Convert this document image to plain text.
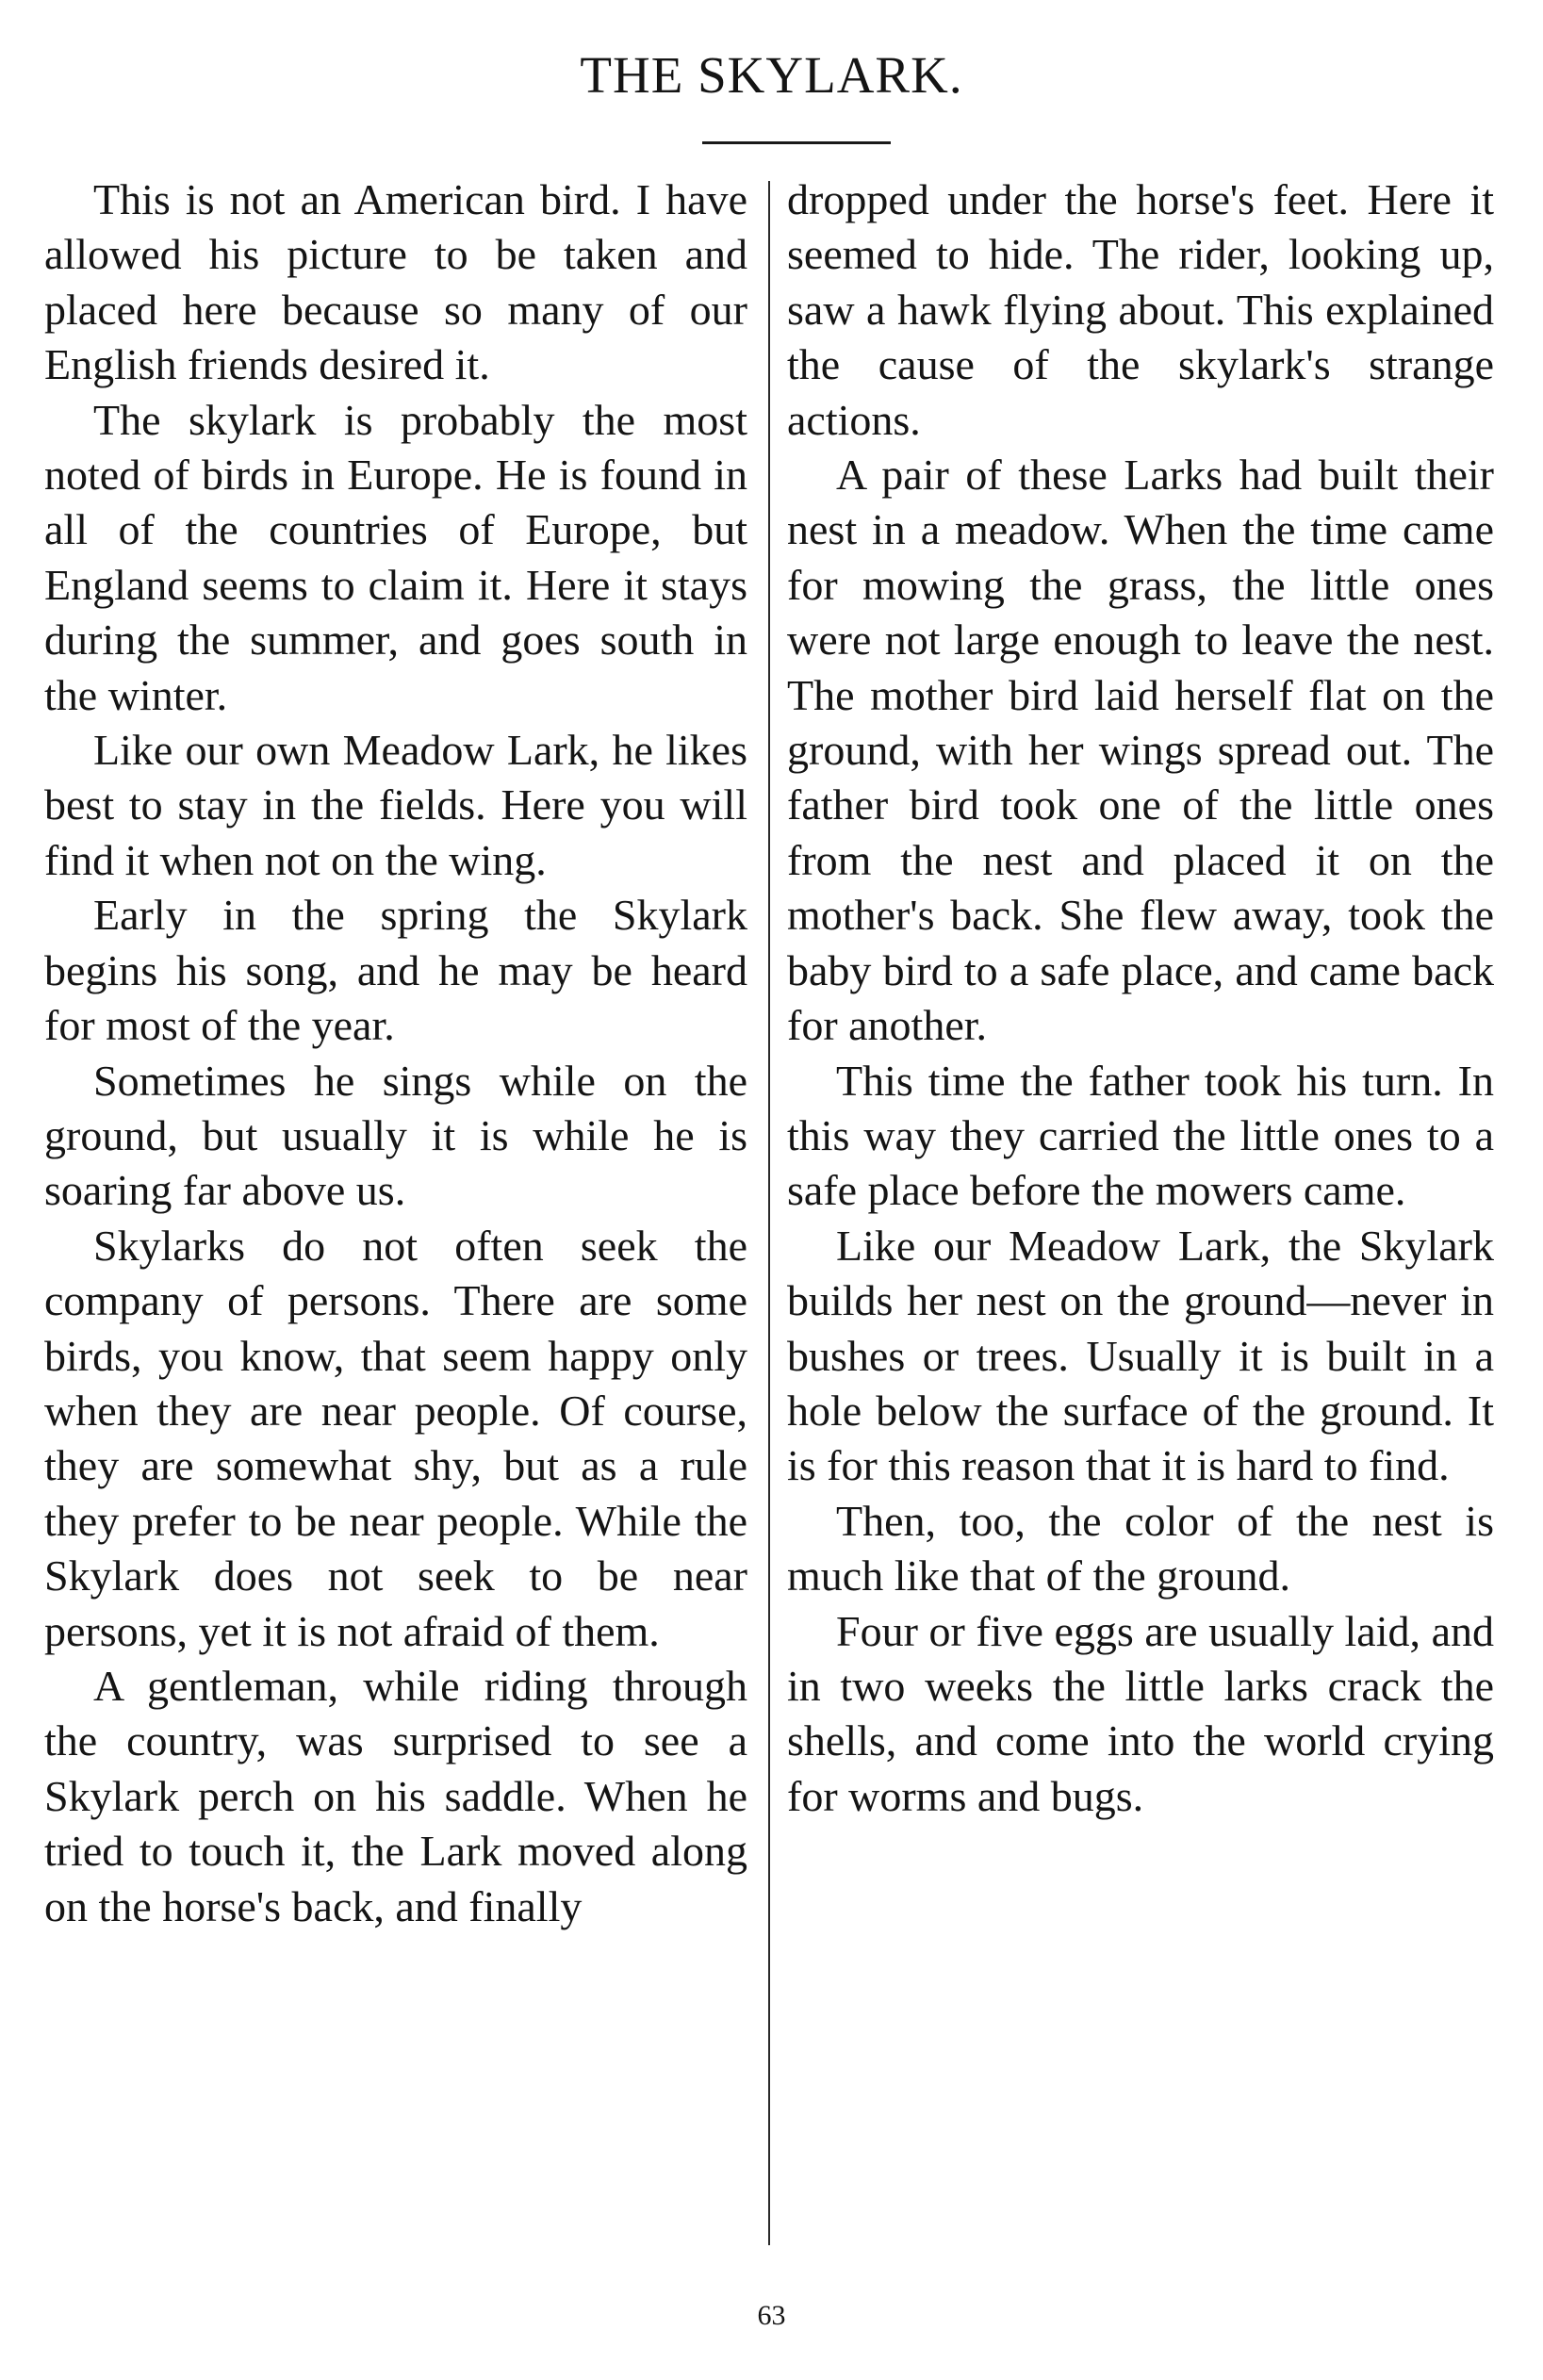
THE SKYLARK.

This is not an American bird. I have allowed his picture to be taken and placed here because so many of our English friends desired it.

The skylark is probably the most noted of birds in Europe. He is found in all of the countries of Europe, but England seems to claim it. Here it stays during the summer, and goes south in the winter.

Like our own Meadow Lark, he likes best to stay in the fields. Here you will find it when not on the wing.

Early in the spring the Skylark begins his song, and he may be heard for most of the year.

Sometimes he sings while on the ground, but usually it is while he is soaring far above us.

Skylarks do not often seek the company of persons. There are some birds, you know, that seem happy only when they are near people. Of course, they are somewhat shy, but as a rule they prefer to be near people. While the Skylark does not seek to be near persons, yet it is not afraid of them.

A gentleman, while riding through the country, was surprised to see a Skylark perch on his saddle. When he tried to touch it, the Lark moved along on the horse's back, and finally

dropped under the horse's feet. Here it seemed to hide. The rider, looking up, saw a hawk flying about. This explained the cause of the skylark's strange actions.

A pair of these Larks had built their nest in a meadow. When the time came for mowing the grass, the little ones were not large enough to leave the nest. The mother bird laid herself flat on the ground, with her wings spread out. The father bird took one of the little ones from the nest and placed it on the mother's back. She flew away, took the baby bird to a safe place, and came back for another.

This time the father took his turn. In this way they carried the little ones to a safe place before the mowers came.

Like our Meadow Lark, the Skylark builds her nest on the ground—never in bushes or trees. Usually it is built in a hole below the surface of the ground. It is for this reason that it is hard to find.

Then, too, the color of the nest is much like that of the ground.

Four or five eggs are usually laid, and in two weeks the little larks crack the shells, and come into the world crying for worms and bugs.

63
